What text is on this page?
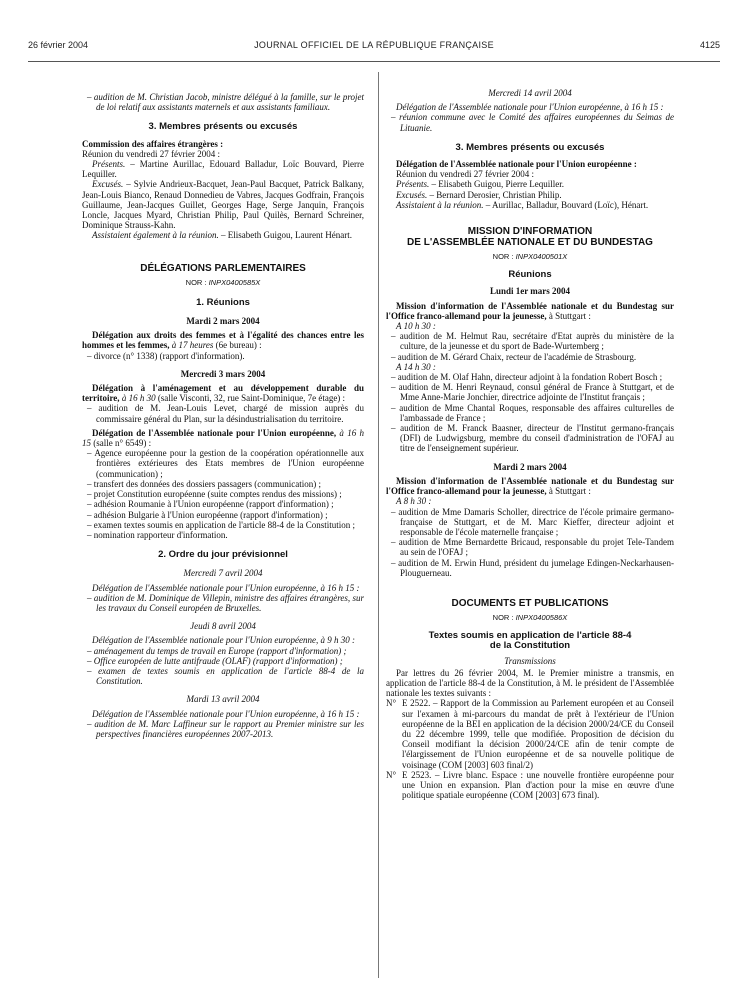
26 février 2004	JOURNAL OFFICIEL DE LA RÉPUBLIQUE FRANÇAISE	4125

– audition de M. Christian Jacob, ministre délégué à la famille, sur le projet de loi relatif aux assistants maternels et aux assistants familiaux.

3. Membres présents ou excusés

Commission des affaires étrangères :

Réunion du vendredi 27 février 2004 :

Présents. – Martine Aurillac, Edouard Balladur, Loïc Bouvard, Pierre Lequiller.

Excusés. – Sylvie Andrieux-Bacquet, Jean-Paul Bacquet, Patrick Balkany, Jean-Louis Bianco, Renaud Donnedieu de Vabres, Jacques Godfrain, François Guillaume, Jean-Jacques Guillet, Georges Hage, Serge Janquin, François Loncle, Jacques Myard, Christian Philip, Paul Quilès, Bernard Schreiner, Dominique Strauss-Kahn.

Assistaient également à la réunion. – Elisabeth Guigou, Laurent Hénart.

DÉLÉGATIONS PARLEMENTAIRES
NOR : INPX0400585X
1. Réunions

Mardi 2 mars 2004

Délégation aux droits des femmes et à l'égalité des chances entre les hommes et les femmes, à 17 heures (6e bureau) :

– divorce (n° 1338) (rapport d'information).

Mercredi 3 mars 2004

Délégation à l'aménagement et au développement durable du territoire, à 16 h 30 (salle Visconti, 32, rue Saint-Dominique, 7e étage) :

– audition de M. Jean-Louis Levet, chargé de mission auprès du commissaire général du Plan, sur la désindustrialisation du territoire.

Délégation de l'Assemblée nationale pour l'Union européenne, à 16 h 15 (salle n° 6549) :

– Agence européenne pour la gestion de la coopération opérationnelle aux frontières extérieures des Etats membres de l'Union européenne (communication) ;

– transfert des données des dossiers passagers (communication) ;

– projet Constitution européenne (suite comptes rendus des missions) ;

– adhésion Roumanie à l'Union européenne (rapport d'information) ;

– adhésion Bulgarie à l'Union européenne (rapport d'information) ;

– examen textes soumis en application de l'article 88-4 de la Constitution ;

– nomination rapporteur d'information.

2. Ordre du jour prévisionnel

Mercredi 7 avril 2004

Délégation de l'Assemblée nationale pour l'Union européenne, à 16 h 15 :

– audition de M. Dominique de Villepin, ministre des affaires étrangères, sur les travaux du Conseil européen de Bruxelles.

Jeudi 8 avril 2004

Délégation de l'Assemblée nationale pour l'Union européenne, à 9 h 30 :

– aménagement du temps de travail en Europe (rapport d'information) ;

– Office européen de lutte antifraude (OLAF) (rapport d'information) ;

– examen de textes soumis en application de l'article 88-4 de la Constitution.

Mardi 13 avril 2004

Délégation de l'Assemblée nationale pour l'Union européenne, à 16 h 15 :

– audition de M. Marc Laffineur sur le rapport au Premier ministre sur les perspectives financières européennes 2007-2013.

Mercredi 14 avril 2004

Délégation de l'Assemblée nationale pour l'Union européenne, à 16 h 15 :

– réunion commune avec le Comité des affaires européennes du Seimas de Lituanie.

3. Membres présents ou excusés

Délégation de l'Assemblée nationale pour l'Union européenne :

Réunion du vendredi 27 février 2004 :

Présents. – Elisabeth Guigou, Pierre Lequiller.

Excusés. – Bernard Derosier, Christian Philip.

Assistaient à la réunion. – Aurillac, Balladur, Bouvard (Loïc), Hénart.

MISSION D'INFORMATION
DE L'ASSEMBLÉE NATIONALE ET DU BUNDESTAG
NOR : INPX0400501X
Réunions

Lundi 1er mars 2004

Mission d'information de l'Assemblée nationale et du Bundestag sur l'Office franco-allemand pour la jeunesse, à Stuttgart :

A 10 h 30 :

– audition de M. Helmut Rau, secrétaire d'Etat auprès du ministère de la culture, de la jeunesse et du sport de Bade-Wurtemberg ;

– audition de M. Gérard Chaix, recteur de l'académie de Strasbourg.

A 14 h 30 :

– audition de M. Olaf Hahn, directeur adjoint à la fondation Robert Bosch ;

– audition de M. Henri Reynaud, consul général de France à Stuttgart, et de Mme Anne-Marie Jonchier, directrice adjointe de l'Institut français ;

– audition de Mme Chantal Roques, responsable des affaires culturelles de l'ambassade de France ;

– audition de M. Franck Baasner, directeur de l'Institut germano-français (DFI) de Ludwigsburg, membre du conseil d'administration de l'OFAJ au titre de l'enseignement supérieur.

Mardi 2 mars 2004

Mission d'information de l'Assemblée nationale et du Bundestag sur l'Office franco-allemand pour la jeunesse, à Stuttgart :

A 8 h 30 :

– audition de Mme Damaris Scholler, directrice de l'école primaire germano-française de Stuttgart, et de M. Marc Kieffer, directeur adjoint et responsable de l'école maternelle française ;

– audition de Mme Bernardette Bricaud, responsable du projet Tele-Tandem au sein de l'OFAJ ;

– audition de M. Erwin Hund, président du jumelage Edingen-Neckarhausen-Plouguerneau.

DOCUMENTS ET PUBLICATIONS
NOR : INPX0400586X
Textes soumis en application de l'article 88-4
de la Constitution

Transmissions

Par lettres du 26 février 2004, M. le Premier ministre a transmis, en application de l'article 88-4 de la Constitution, à M. le président de l'Assemblée nationale les textes suivants :

N° E 2522. – Rapport de la Commission au Parlement européen et au Conseil sur l'examen à mi-parcours du mandat de prêt à l'extérieur de l'Union européenne de la BEI en application de la décision 2000/24/CE du Conseil du 22 décembre 1999, telle que modifiée. Proposition de décision du Conseil modifiant la décision 2000/24/CE afin de tenir compte de l'élargissement de l'Union européenne et de sa nouvelle politique de voisinage (COM [2003] 603 final/2)
N° E 2523. – Livre blanc. Espace : une nouvelle frontière européenne pour une Union en expansion. Plan d'action pour la mise en œuvre d'une politique spatiale européenne (COM [2003] 673 final).
